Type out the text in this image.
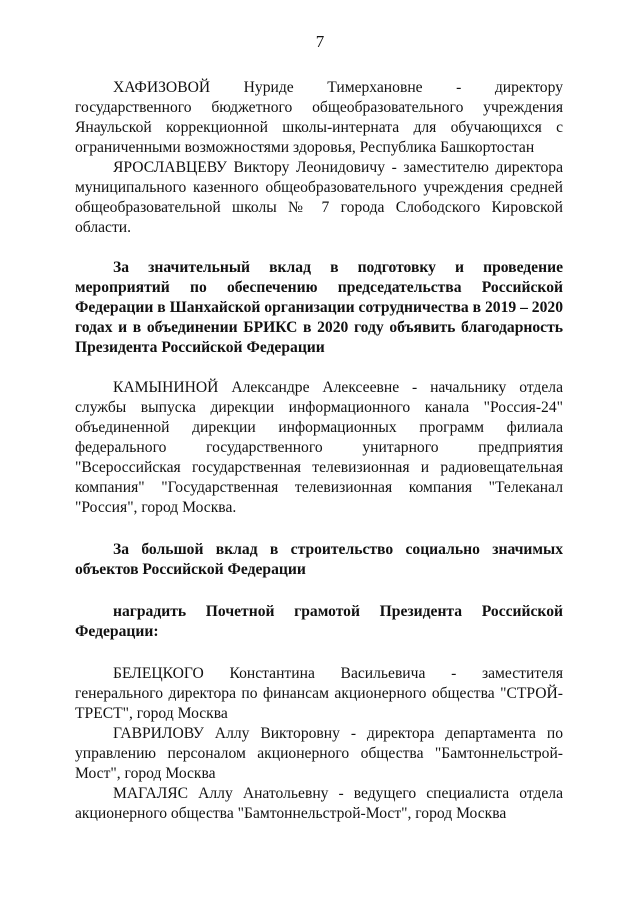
7

ХАФИЗОВОЙ Нуриде Тимерхановне - директору государственного бюджетного общеобразовательного учреждения Янаульской коррекционной школы-интерната для обучающихся с ограниченными возможностями здоровья, Республика Башкортостан

ЯРОСЛАВЦЕВУ Виктору Леонидовичу - заместителю директора муниципального казенного общеобразовательного учреждения средней общеобразовательной школы № 7 города Слободского Кировской области.

За значительный вклад в подготовку и проведение мероприятий по обеспечению председательства Российской Федерации в Шанхайской организации сотрудничества в 2019 – 2020 годах и в объединении БРИКС в 2020 году объявить благодарность Президента Российской Федерации

КАМЫНИНОЙ Александре Алексеевне - начальнику отдела службы выпуска дирекции информационного канала "Россия-24" объединенной дирекции информационных программ филиала федерального государственного унитарного предприятия "Всероссийская государственная телевизионная и радиовещательная компания" "Государственная телевизионная компания "Телеканал "Россия", город Москва.

За большой вклад в строительство социально значимых объектов Российской Федерации

наградить Почетной грамотой Президента Российской Федерации:

БЕЛЕЦКОГО Константина Васильевича - заместителя генерального директора по финансам акционерного общества "СТРОЙ-ТРЕСТ", город Москва

ГАВРИЛОВУ Аллу Викторовну - директора департамента по управлению персоналом акционерного общества "Бамтоннельстрой-Мост", город Москва

МАГАЛЯС Аллу Анатольевну - ведущего специалиста отдела акционерного общества "Бамтоннельстрой-Мост", город Москва
